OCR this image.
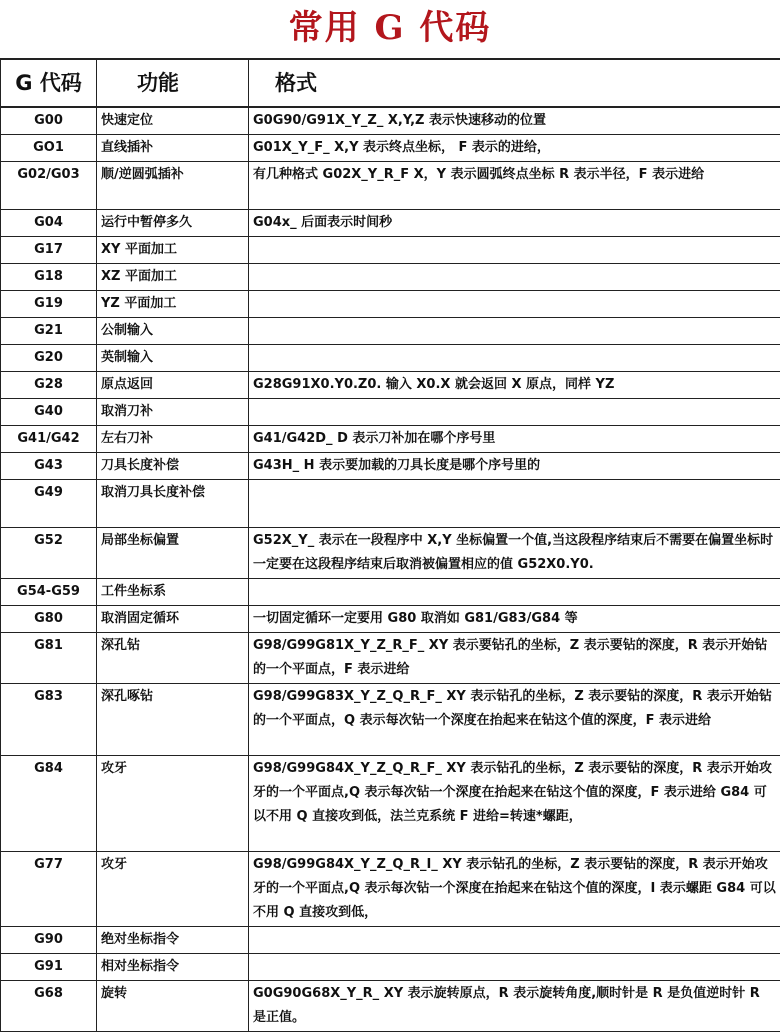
常用 G 代码
G 代码	功能	格式
G00	快速定位	G0G90/G91X_Y_Z_ X,Y,Z 表示快速移动的位置
GO1	直线插补	G01X_Y_F_ X,Y 表示终点坐标， F 表示的进给，
G02/G03	顺/逆圆弧插补	有几种格式 G02X_Y_R_F X，Y 表示圆弧终点坐标 R 表示半径，F 表示进给
G04	运行中暂停多久	G04x_ 后面表示时间秒
G17	XY 平面加工	
G18	XZ 平面加工	
G19	YZ 平面加工	
G21	公制输入	
G20	英制输入	
G28	原点返回	G28G91X0.Y0.Z0. 输入 X0.X 就会返回 X 原点，同样 YZ
G40	取消刀补	
G41/G42	左右刀补	G41/G42D_ D 表示刀补加在哪个序号里
G43	刀具长度补偿	G43H_ H 表示要加载的刀具长度是哪个序号里的
G49	取消刀具长度补偿	
G52	局部坐标偏置	G52X_Y_ 表示在一段程序中 X,Y 坐标偏置一个值,当这段程序结束后不需要在偏置坐标时一定要在这段程序结束后取消被偏置相应的值 G52X0.Y0.
G54-G59	工件坐标系	
G80	取消固定循环	一切固定循环一定要用 G80 取消如 G81/G83/G84 等
G81	深孔钻	G98/G99G81X_Y_Z_R_F_ XY 表示要钻孔的坐标，Z 表示要钻的深度，R 表示开始钻的一个平面点，F 表示进给
G83	深孔啄钻	G98/G99G83X_Y_Z_Q_R_F_ XY 表示钻孔的坐标，Z 表示要钻的深度，R 表示开始钻的一个平面点，Q 表示每次钻一个深度在抬起来在钻这个值的深度，F 表示进给
G84	攻牙	G98/G99G84X_Y_Z_Q_R_F_ XY 表示钻孔的坐标，Z 表示要钻的深度，R 表示开始攻牙的一个平面点,Q 表示每次钻一个深度在抬起来在钻这个值的深度，F 表示进给 G84 可以不用 Q 直接攻到低，法兰克系统 F 进给=转速*螺距，
G77	攻牙	G98/G99G84X_Y_Z_Q_R_I_ XY 表示钻孔的坐标，Z 表示要钻的深度，R 表示开始攻牙的一个平面点,Q 表示每次钻一个深度在抬起来在钻这个值的深度，I 表示螺距 G84 可以不用 Q 直接攻到低，
G90	绝对坐标指令	
G91	相对坐标指令	
G68	旋转	G0G90G68X_Y_R_ XY 表示旋转原点，R 表示旋转角度,顺时针是 R 是负值逆时针 R 是正值。
